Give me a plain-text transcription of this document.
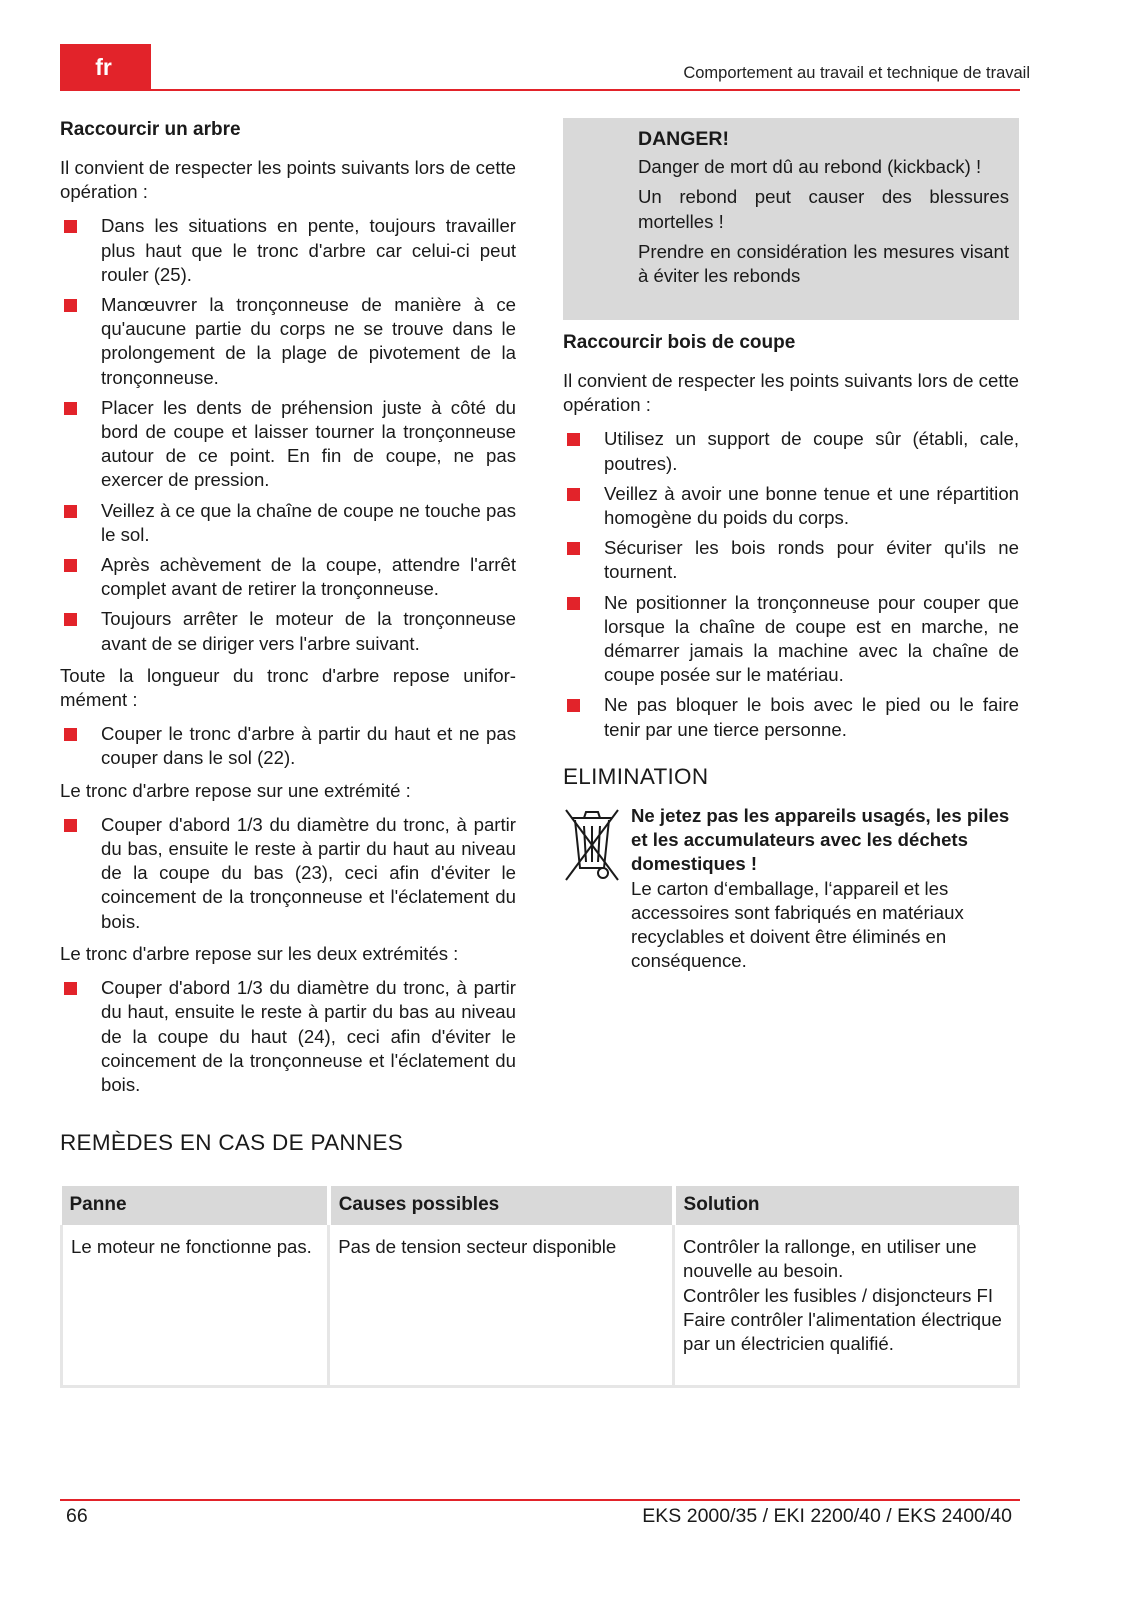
fr	Comportement au travail et technique de travail
Raccourcir un arbre

Il convient de respecter les points suivants lors de cette opération :

Dans les situations en pente, toujours travailler plus haut que le tronc d'arbre car celui-ci peut rouler (25).
Manœuvrer la tronçonneuse de manière à ce qu'aucune partie du corps ne se trouve dans le prolongement de la plage de pivotement de la tronçonneuse.
Placer les dents de préhension juste à côté du bord de coupe et laisser tourner la tronçonneuse autour de ce point. En fin de coupe, ne pas exercer de pression.
Veillez à ce que la chaîne de coupe ne touche pas le sol.
Après achèvement de la coupe, attendre l'arrêt complet avant de retirer la tronçonneuse.
Toujours arrêter le moteur de la tronçonneuse avant de se diriger vers l'arbre suivant.

Toute la longueur du tronc d'arbre repose uniformément :

Couper le tronc d'arbre à partir du haut et ne pas couper dans le sol (22).

Le tronc d'arbre repose sur une extrémité :

Couper d'abord 1/3 du diamètre du tronc, à partir du bas, ensuite le reste à partir du haut au niveau de la coupe du bas (23), ceci afin d'éviter le coincement de la tronçonneuse et l'éclatement du bois.

Le tronc d'arbre repose sur les deux extrémités :

Couper d'abord 1/3 du diamètre du tronc, à partir du haut, ensuite le reste à partir du bas au niveau de la coupe du haut (24), ceci afin d'éviter le coincement de la tronçonneuse et l'éclatement du bois.
DANGER!

Danger de mort dû au rebond (kickback) !

Un rebond peut causer des blessures mortelles !

Prendre en considération les mesures visant à éviter les rebonds

Raccourcir bois de coupe

Il convient de respecter les points suivants lors de cette opération :

Utilisez un support de coupe sûr (établi, cale, poutres).
Veillez à avoir une bonne tenue et une répartition homogène du poids du corps.
Sécuriser les bois ronds pour éviter qu'ils ne tournent.
Ne positionner la tronçonneuse pour couper que lorsque la chaîne de coupe est en marche, ne démarrer jamais la machine avec la chaîne de coupe posée sur le matériau.
Ne pas bloquer le bois avec le pied ou le faire tenir par une tierce personne.
ELIMINATION
Ne jetez pas les appareils usagés, les piles et les accumulateurs avec les déchets domestiques !
Le carton d‘emballage, l‘appareil et les accessoires sont fabriqués en matériaux recyclables et doivent être éliminés en conséquence.
REMÈDES EN CAS DE PANNES
Panne	Causes possibles	Solution
Le moteur ne fonctionne pas.	Pas de tension secteur disponible	Contrôler la rallonge, en utiliser une nouvelle au besoin.
Contrôler les fusibles / disjoncteurs FI
Faire contrôler l'alimentation électrique par un électricien qualifié.
66	EKS 2000/35 / EKI 2200/40 / EKS 2400/40
